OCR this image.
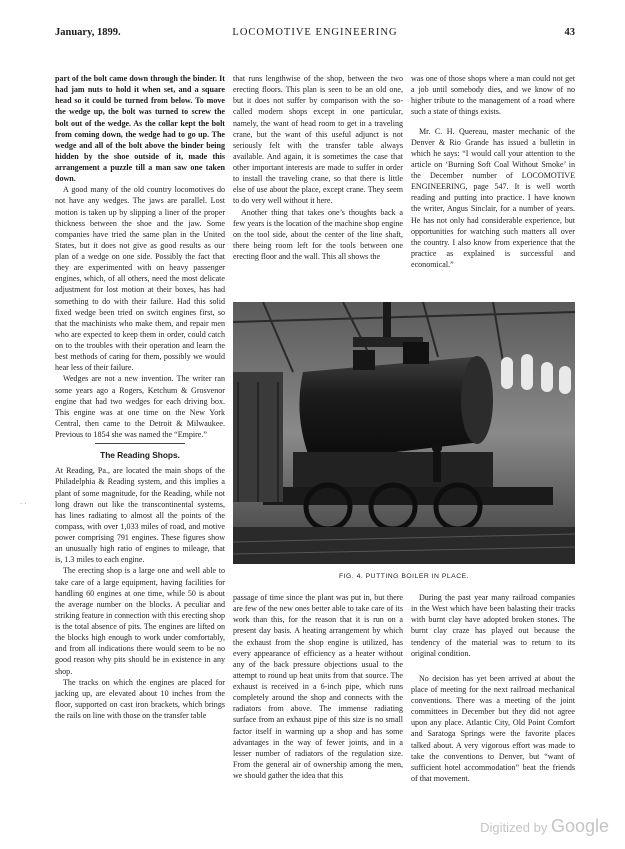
January, 1899.	LOCOMOTIVE ENGINEERING	43

part of the bolt came down through the binder. It had jam nuts to hold it when set, and a square head so it could be turned from below. To move the wedge up, the bolt was turned to screw the bolt out of the wedge. As the collar kept the bolt from coming down, the wedge had to go up. The wedge and all of the bolt above the binder being hidden by the shoe outside of it, made this arrangement a puzzle till a man saw one taken down.

A good many of the old country locomotives do not have any wedges. The jaws are parallel. Lost motion is taken up by slipping a liner of the proper thickness between the shoe and the jaw. Some companies have tried the same plan in the United States, but it does not give as good results as our plan of a wedge on one side. Possibly the fact that they are experimented with on heavy passenger engines, which, of all others, need the most delicate adjustment for lost motion at their boxes, has had something to do with their failure. Had this solid fixed wedge been tried on switch engines first, so that the machinists who make them, and repair men who are expected to keep them in order, could catch on to the troubles with their operation and learn the best methods of caring for them, possibly we would hear less of their failure.

Wedges are not a new invention. The writer ran some years ago a Rogers, Ketchum & Grosvenor engine that had two wedges for each driving box. This engine was at one time on the New York Central, then came to the Detroit & Milwaukee. Previous to 1854 she was named the “Empire.”

The Reading Shops.

At Reading, Pa., are located the main shops of the Philadelphia & Reading system, and this implies a plant of some magnitude, for the Reading, while not long drawn out like the transcontinental systems, has lines radiating to almost all the points of the compass, with over 1,033 miles of road, and motive power comprising 791 engines. These figures show an unusually high ratio of engines to mileage, that is, 1.3 miles to each engine.

The erecting shop is a large one and well able to take care of a large equipment, having facilities for handling 60 engines at one time, while 50 is about the average number on the blocks. A peculiar and striking feature in connection with this erecting shop is the total absence of pits. The engines are lifted on the blocks high enough to work under comfortably, and from all indications there would seem to be no good reason why pits should be in existence in any shop.

The tracks on which the engines are placed for jacking up, are elevated about 10 inches from the floor, supported on cast iron brackets, which brings the rails on line with those on the transfer table

that runs lengthwise of the shop, between the two erecting floors. This plan is seen to be an old one, but it does not suffer by comparison with the so-called modern shops except in one particular, namely, the want of head room to get in a traveling crane, but the want of this useful adjunct is not seriously felt with the transfer table always available. And again, it is sometimes the case that other important interests are made to suffer in order to install the traveling crane, so that there is little else of use about the place, except crane. They seem to do very well without it here.

Another thing that takes one’s thoughts back a few years is the location of the machine shop engine on the tool side, about the center of the line shaft, there being room left for the tools between one erecting floor and the wall. This all shows the

was one of those shops where a man could not get a job until somebody dies, and we know of no higher tribute to the management of a road where such a state of things exists.

Mr. C. H. Quereau, master mechanic of the Denver & Rio Grande has issued a bulletin in which he says: “I would call your attention to the article on ‘Burning Soft Coal Without Smoke’ in the December number of LOCOMOTIVE ENGINEERING, page 547. It is well worth reading and putting into practice. I have known the writer, Angus Sinclair, for a number of years. He has not only had considerable experience, but opportunities for watching such matters all over the country. I also know from experience that the practice as explained is successful and economical.”

FIG. 4. PUTTING BOILER IN PLACE.

passage of time since the plant was put in, but there are few of the new ones better able to take care of its work than this, for the reason that it is run on a present day basis. A heating arrangement by which the exhaust from the shop engine is utilized, has every appearance of efficiency as a heater without any of the back pressure objections usual to the attempt to round up heat units from that source. The exhaust is received in a 6-inch pipe, which runs completely around the shop and connects with the radiators from above. The immense radiating surface from an exhaust pipe of this size is no small factor itself in warming up a shop and has some advantages in the way of fewer joints, and in a lesser number of radiators of the regulation size. From the general air of ownership among the men, we should gather the idea that this

During the past year many railroad companies in the West which have been balasting their tracks with burnt clay have adopted broken stones. The burnt clay craze has played out because the tendency of the material was to return to its original condition.

No decision has yet been arrived at about the place of meeting for the next railroad mechanical conventions. There was a meeting of the joint committees in December but they did not agree upon any place. Atlantic City, Old Point Comfort and Saratoga Springs were the favorite places talked about. A very vigorous effort was made to take the conventions to Denver, but “want of sufficient hotel accommodation” beat the friends of that movement.

· ·
Digitized by Google
